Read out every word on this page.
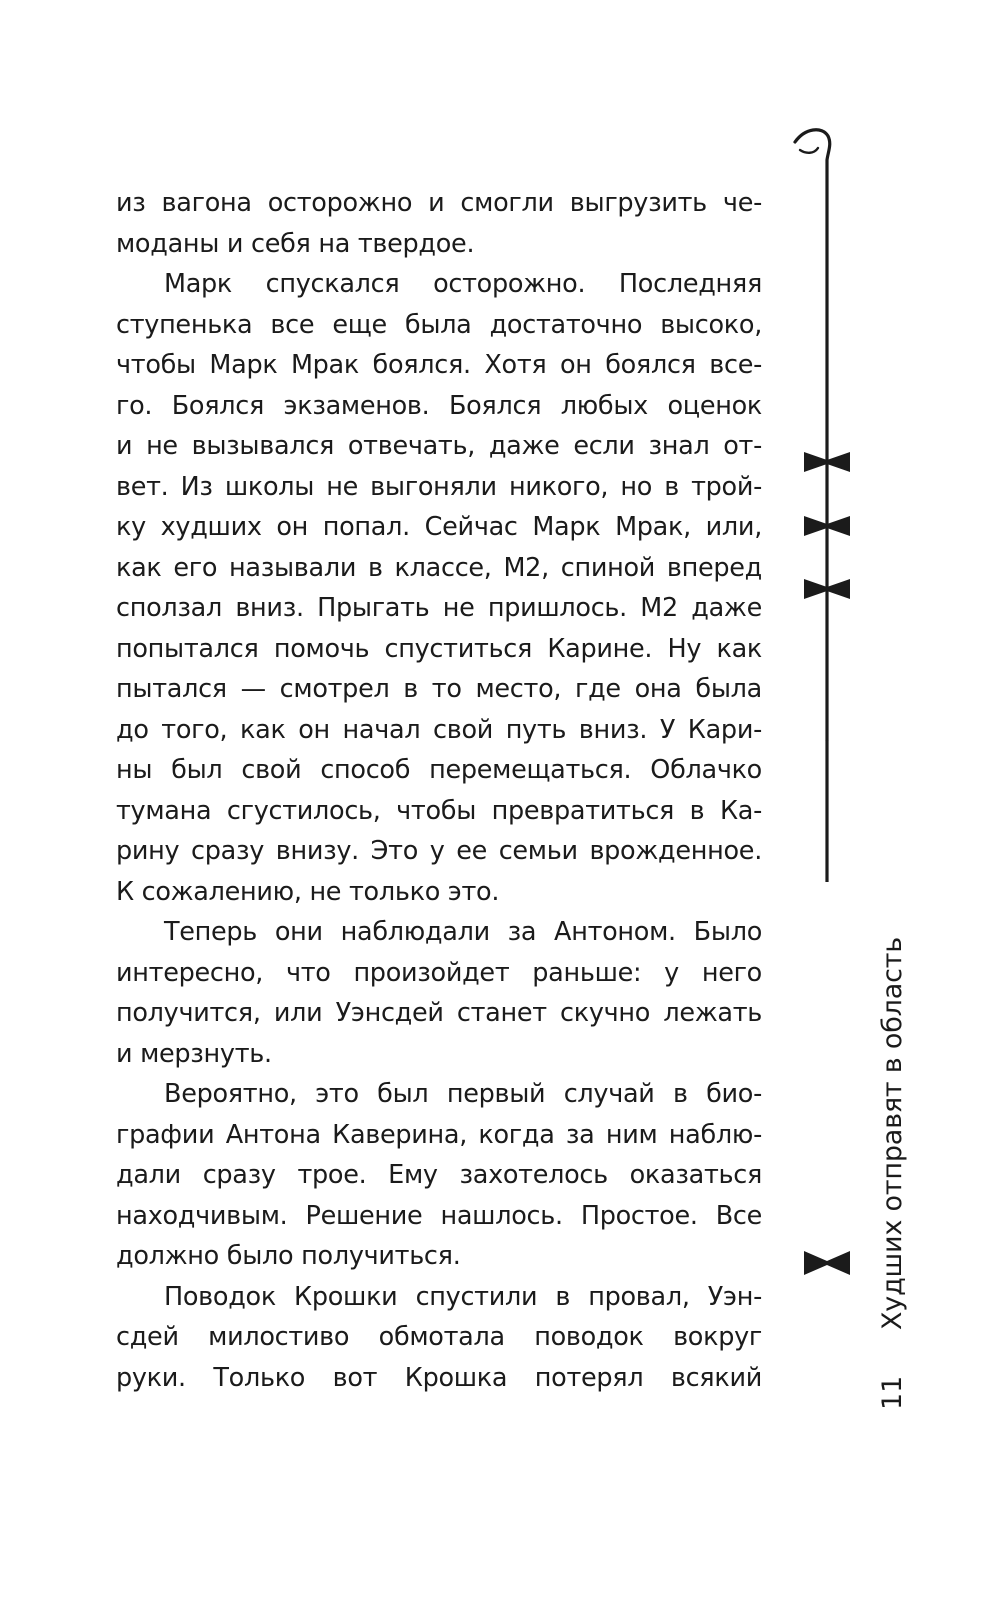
из вагона осторожно и смогли выгрузить че-
моданы и себя на твердое.
Марк спускался осторожно. Последняя
ступенька все еще была достаточно высоко,
чтобы Марк Мрак боялся. Хотя он боялся все-
го. Боялся экзаменов. Боялся любых оценок
и не вызывался отвечать, даже если знал от-
вет. Из школы не выгоняли никого, но в трой-
ку худших он попал. Сейчас Марк Мрак, или,
как его называли в классе, М2, спиной вперед
сползал вниз. Прыгать не пришлось. М2 даже
попытался помочь спуститься Карине. Ну как
пытался — смотрел в то место, где она была
до того, как он начал свой путь вниз. У Кари-
ны был свой способ перемещаться. Облачко
тумана сгустилось, чтобы превратиться в Ка-
рину сразу внизу. Это у ее семьи врожденное.
К сожалению, не только это.
Теперь они наблюдали за Антоном. Было
интересно, что произойдет раньше: у него
получится, или Уэнсдей станет скучно лежать
и мерзнуть.
Вероятно, это был первый случай в био-
графии Антона Каверина, когда за ним наблю-
дали сразу трое. Ему захотелось оказаться
находчивым. Решение нашлось. Простое. Все
должно было получиться.
Поводок Крошки спустили в провал, Уэн-
сдей милостиво обмотала поводок вокруг
руки. Только вот Крошка потерял всякий
Худших отправят в область
11
